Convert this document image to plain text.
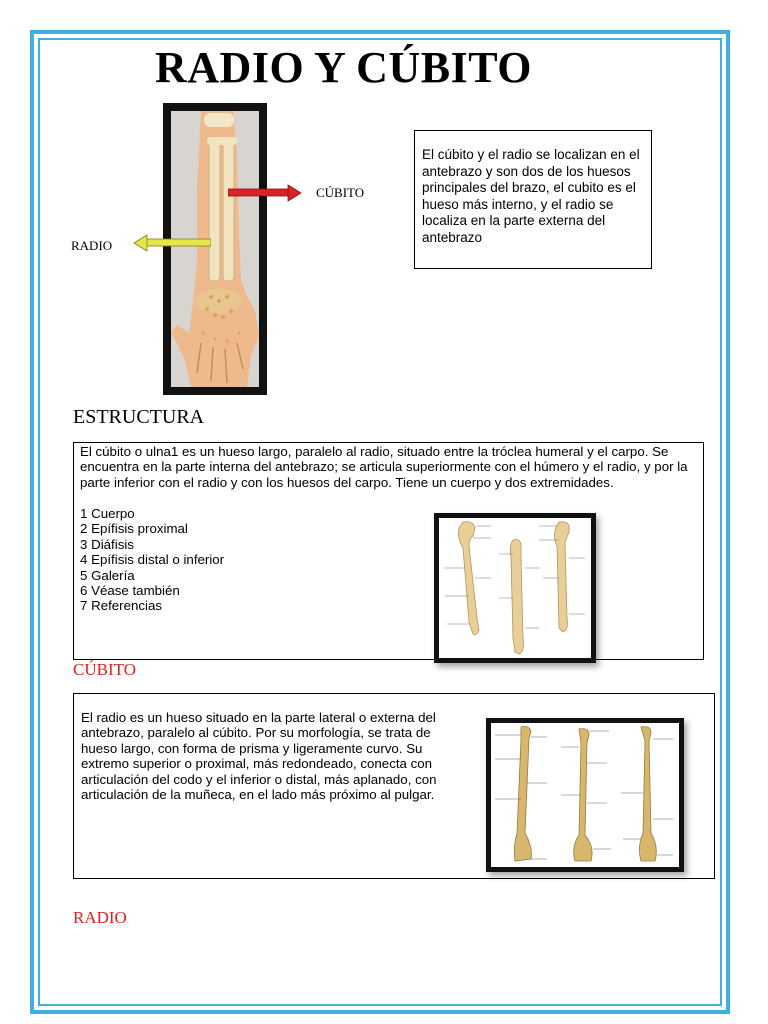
RADIO Y CÚBITO
CÚBITO
RADIO
El cúbito y el radio se localizan en el antebrazo y son dos de los huesos principales del brazo, el cubito es el hueso más interno, y el radio se localiza en la parte externa del antebrazo
ESTRUCTURA
El cúbito o ulna1 es un hueso largo, paralelo al radio, situado entre la tróclea humeral y el carpo. Se encuentra en la parte interna del antebrazo; se articula superiormente con el húmero y el radio, y por la parte inferior con el radio y con los huesos del carpo. Tiene un cuerpo y dos extremidades.
1 Cuerpo
2 Epífisis proximal
3 Diáfisis
4 Epífisis distal o inferior
5 Galería
6 Véase también
7 Referencias
CÚBITO
El radio es un hueso situado en la parte lateral o externa del antebrazo, paralelo al cúbito. Por su morfología, se trata de hueso largo, con forma de prisma y ligeramente curvo. Su extremo superior o proximal, más redondeado, conecta con articulación del codo y el inferior o distal, más aplanado, con articulación de la muñeca, en el lado más próximo al pulgar.
RADIO
